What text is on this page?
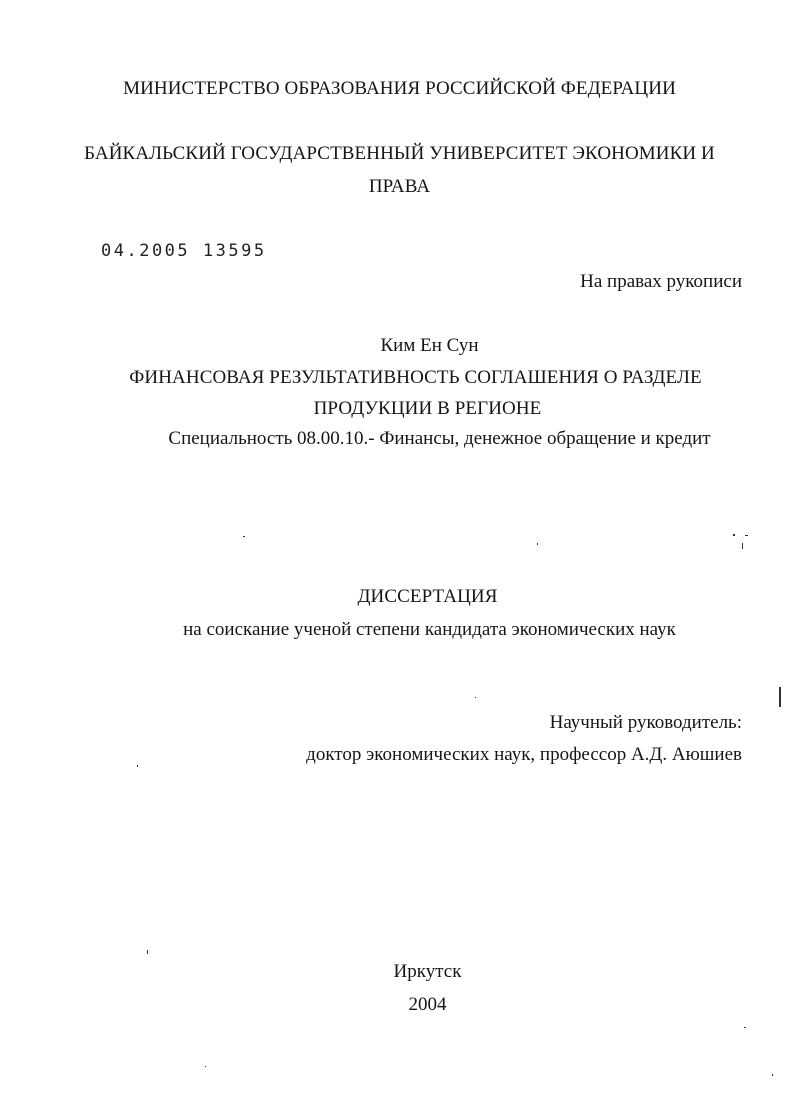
МИНИСТЕРСТВО ОБРАЗОВАНИЯ РОССИЙСКОЙ ФЕДЕРАЦИИ
БАЙКАЛЬСКИЙ ГОСУДАРСТВЕННЫЙ УНИВЕРСИТЕТ ЭКОНОМИКИ И
ПРАВА
04.2005 13595
На правах рукописи
Ким Ен Сун
ФИНАНСОВАЯ РЕЗУЛЬТАТИВНОСТЬ СОГЛАШЕНИЯ О РАЗДЕЛЕ
ПРОДУКЦИИ В РЕГИОНЕ
Специальность 08.00.10.- Финансы, денежное обращение и кредит
ДИССЕРТАЦИЯ
на соискание ученой степени кандидата экономических наук
Научный руководитель:
доктор экономических наук, профессор А.Д. Аюшиев
Иркутск
2004
